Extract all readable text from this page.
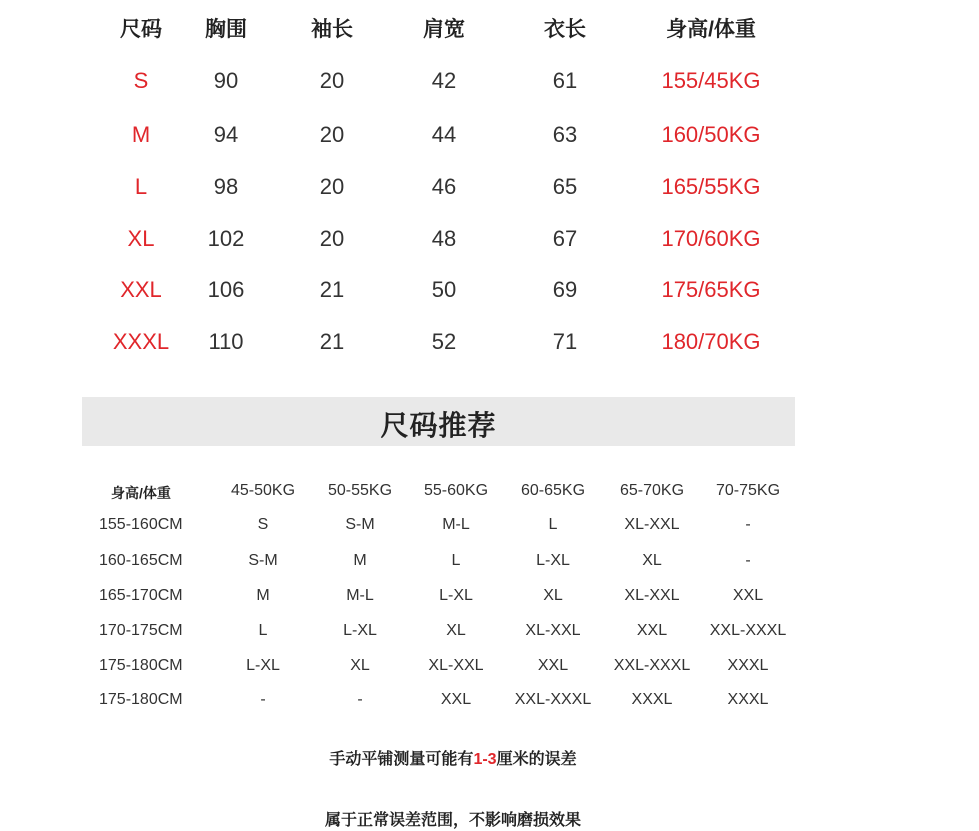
尺码 胸围	袖长	肩宽	衣长	身高/体重
S	90	20	42	61	155/45KG
M	94	20	44	63	160/50KG
L	98	20	46	65	165/55KG
XL 102	20	48	67	170/60KG
XXL 106	21	50	69	175/65KG
XXXL 110	21	52	71	180/70KG
尺码推荐
身高/体重	45-50KG 50-55KG 55-60KG 60-65KG 65-70KG 70-75KG
155-160CM	S	S-M	M-L	L	XL-XXL	-
160-165CM	S-M	M	L	L-XL	XL	-
165-170CM	M	M-L	L-XL	XL	XL-XXL	XXL
170-175CM	L	L-XL	XL	XL-XXL	XXL	XXL-XXXL
175-180CM	L-XL	XL	XL-XXL	XXL	XXL-XXXL XXXL
175-180CM	-	-	XXL	XXL-XXXL	XXXL	XXXL
手动平铺测量可能有1-3厘米的误差
属于正常误差范围，不影响磨损效果
